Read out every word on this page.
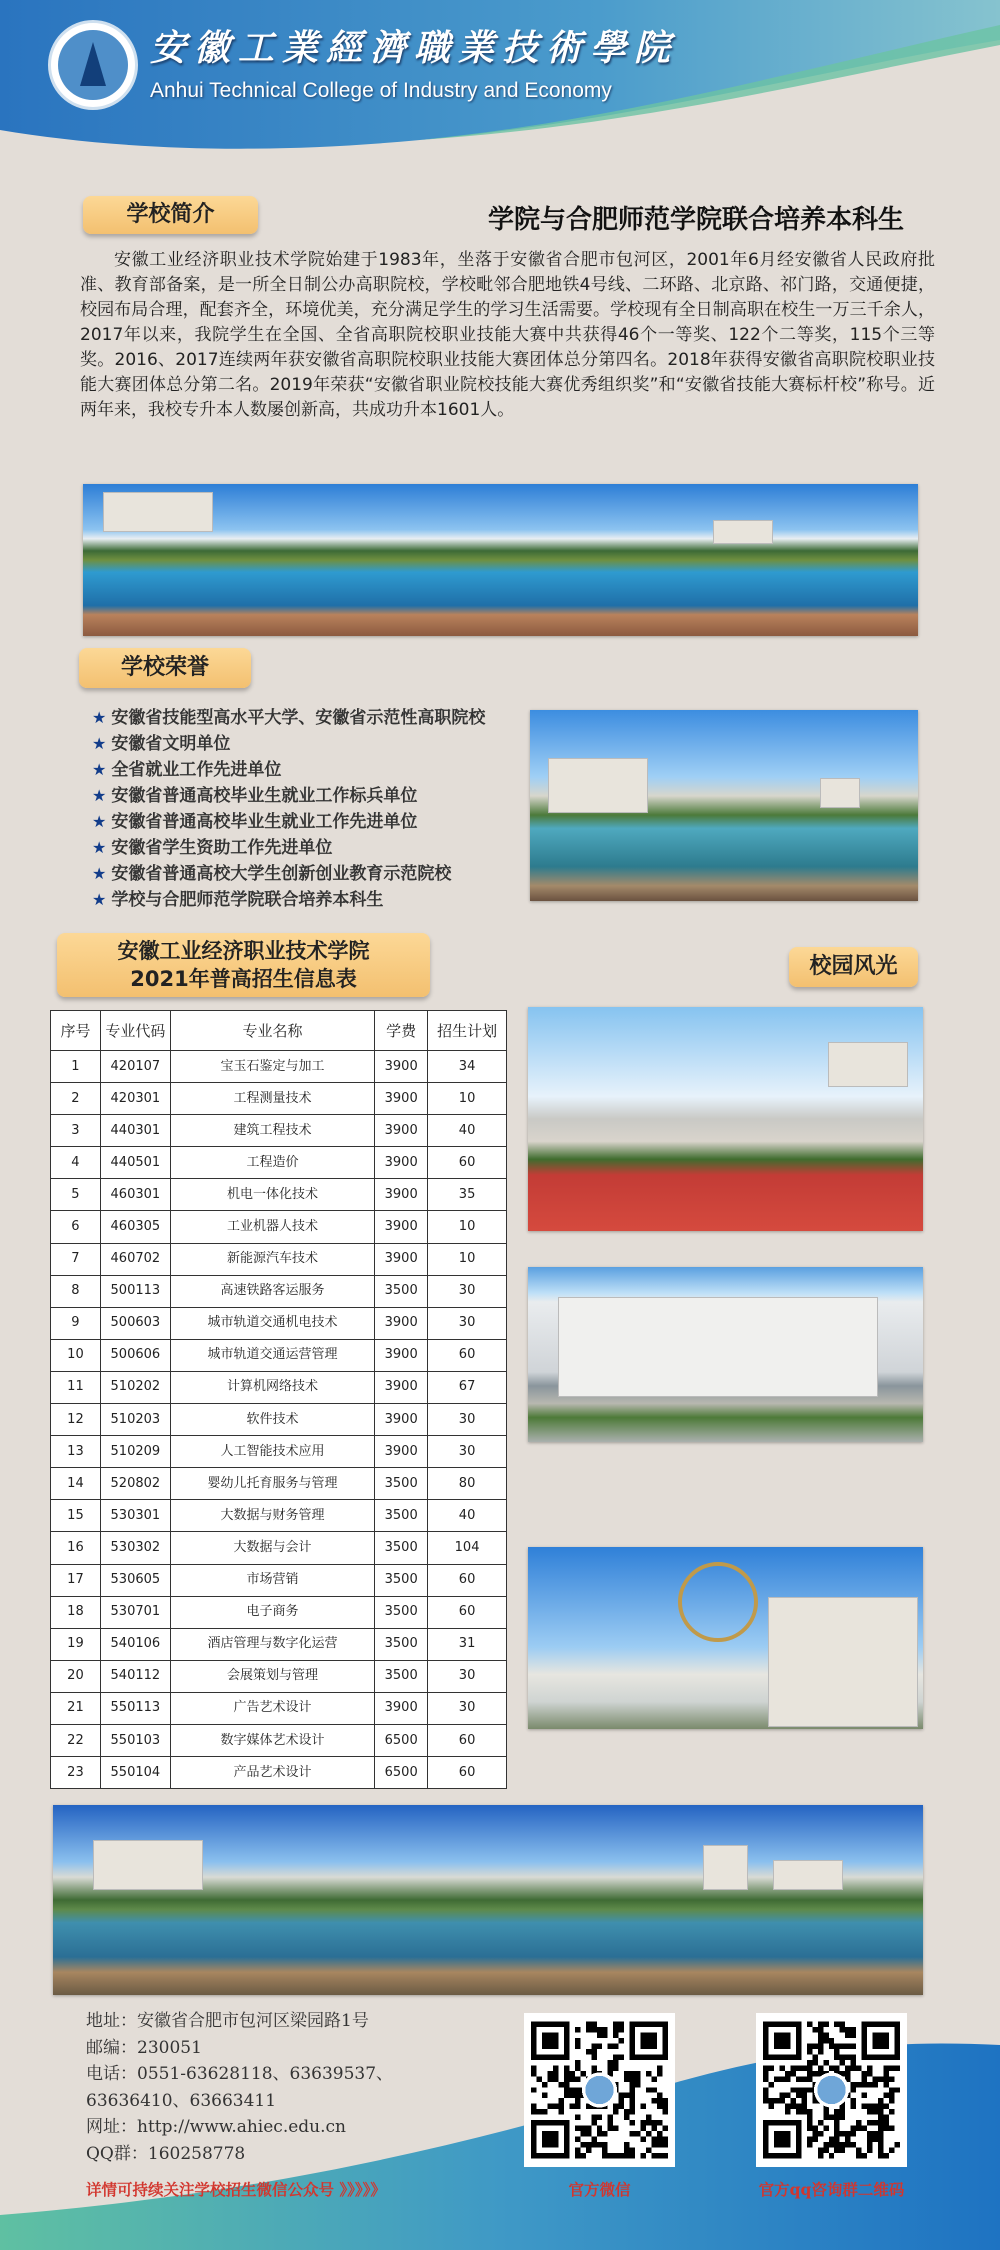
安徽工業經濟職業技術學院
Anhui Technical College of Industry and Economy
学校简介	学院与合肥师范学院联合培养本科生

安徽工业经济职业技术学院始建于1983年，坐落于安徽省合肥市包河区，2001年6月经安徽省人民政府批准、教育部备案，是一所全日制公办高职院校，学校毗邻合肥地铁4号线、二环路、北京路、祁门路，交通便捷，校园布局合理，配套齐全，环境优美，充分满足学生的学习生活需要。学校现有全日制高职在校生一万三千余人，2017年以来，我院学生在全国、全省高职院校职业技能大赛中共获得46个一等奖、122个二等奖，115个三等奖。2016、2017连续两年获安徽省高职院校职业技能大赛团体总分第四名。2018年获得安徽省高职院校职业技能大赛团体总分第二名。2019年荣获“安徽省职业院校技能大赛优秀组织奖”和“安徽省技能大赛标杆校”称号。近两年来，我校专升本人数屡创新高，共成功升本1601人。

学校荣誉
★ 安徽省技能型高水平大学、安徽省示范性高职院校
★ 安徽省文明单位
★ 全省就业工作先进单位
★ 安徽省普通高校毕业生就业工作标兵单位
★ 安徽省普通高校毕业生就业工作先进单位
★ 安徽省学生资助工作先进单位
★ 安徽省普通高校大学生创新创业教育示范院校
★ 学校与合肥师范学院联合培养本科生
安徽工业经济职业技术学院
2021年普高招生信息表	校园风光
序号	专业代码	专业名称	学费	招生计划
1	420107	宝玉石鉴定与加工	3900	34
2	420301	工程测量技术	3900	10
3	440301	建筑工程技术	3900	40
4	440501	工程造价	3900	60
5	460301	机电一体化技术	3900	35
6	460305	工业机器人技术	3900	10
7	460702	新能源汽车技术	3900	10
8	500113	高速铁路客运服务	3500	30
9	500603	城市轨道交通机电技术	3900	30
10	500606	城市轨道交通运营管理	3900	60
11	510202	计算机网络技术	3900	67
12	510203	软件技术	3900	30
13	510209	人工智能技术应用	3900	30
14	520802	婴幼儿托育服务与管理	3500	80
15	530301	大数据与财务管理	3500	40
16	530302	大数据与会计	3500	104
17	530605	市场营销	3500	60
18	530701	电子商务	3500	60
19	540106	酒店管理与数字化运营	3500	31
20	540112	会展策划与管理	3500	30
21	550113	广告艺术设计	3900	30
22	550103	数字媒体艺术设计	6500	60
23	550104	产品艺术设计	6500	60
地址：安徽省合肥市包河区梁园路1号
邮编：230051
电话：0551-63628118、63639537、
63636410、63663411
网址：http://www.ahiec.edu.cn
QQ群：160258778
详情可持续关注学校招生微信公众号 》》》》》	官方微信	官方qq咨询群二维码
